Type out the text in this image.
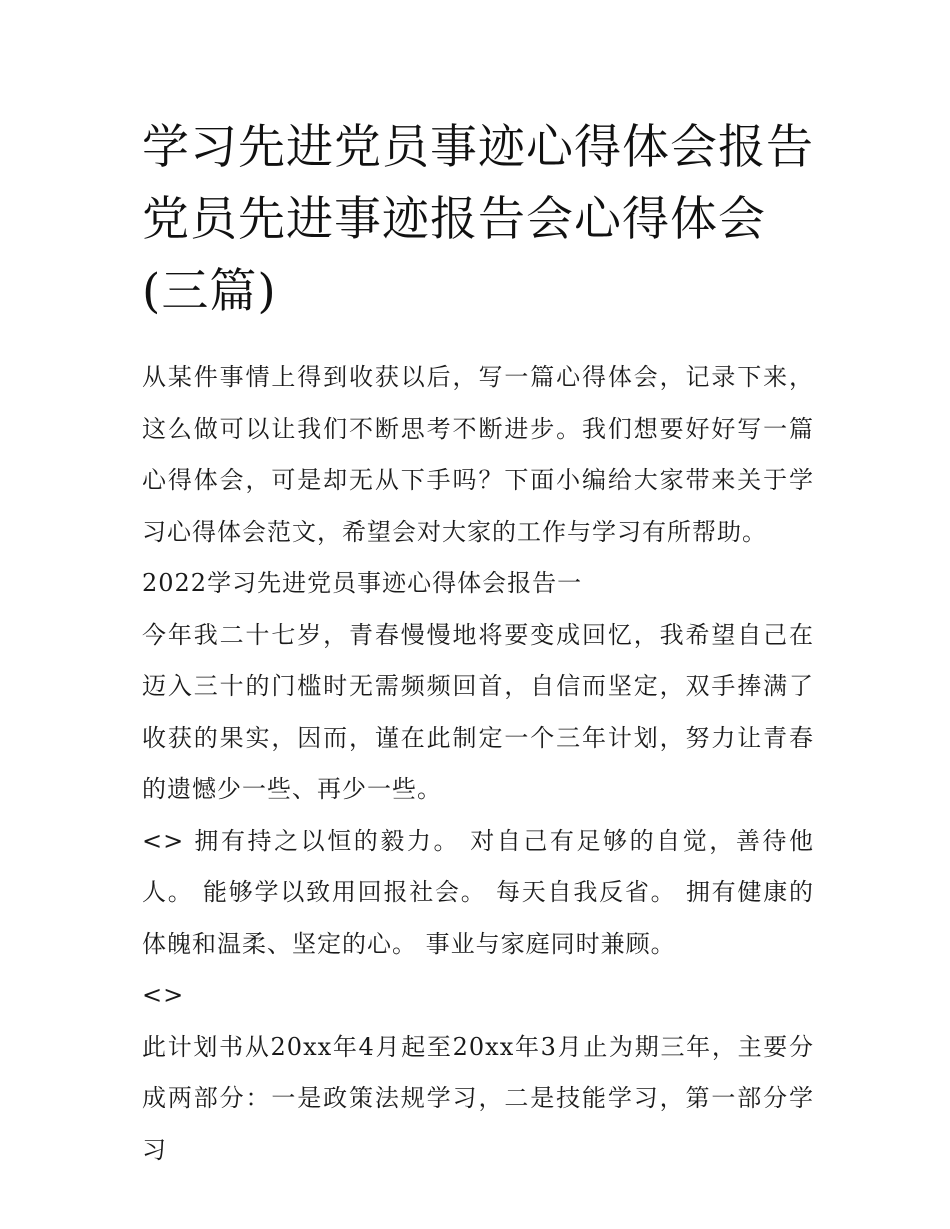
学习先进党员事迹心得体会报告 党员先进事迹报告会心得体会(三篇)

从某件事情上得到收获以后，写一篇心得体会，记录下来，这么做可以让我们不断思考不断进步。我们想要好好写一篇心得体会，可是却无从下手吗？下面小编给大家带来关于学习心得体会范文，希望会对大家的工作与学习有所帮助。

2022学习先进党员事迹心得体会报告一

今年我二十七岁，青春慢慢地将要变成回忆，我希望自己在迈入三十的门槛时无需频频回首，自信而坚定，双手捧满了收获的果实，因而，谨在此制定一个三年计划，努力让青春的遗憾少一些、再少一些。

<> 拥有持之以恒的毅力。 对自己有足够的自觉，善待他人。 能够学以致用回报社会。 每天自我反省。 拥有健康的体魄和温柔、坚定的心。 事业与家庭同时兼顾。

<>

此计划书从20xx年4月起至20xx年3月止为期三年，主要分成两部分：一是政策法规学习，二是技能学习，第一部分学习
